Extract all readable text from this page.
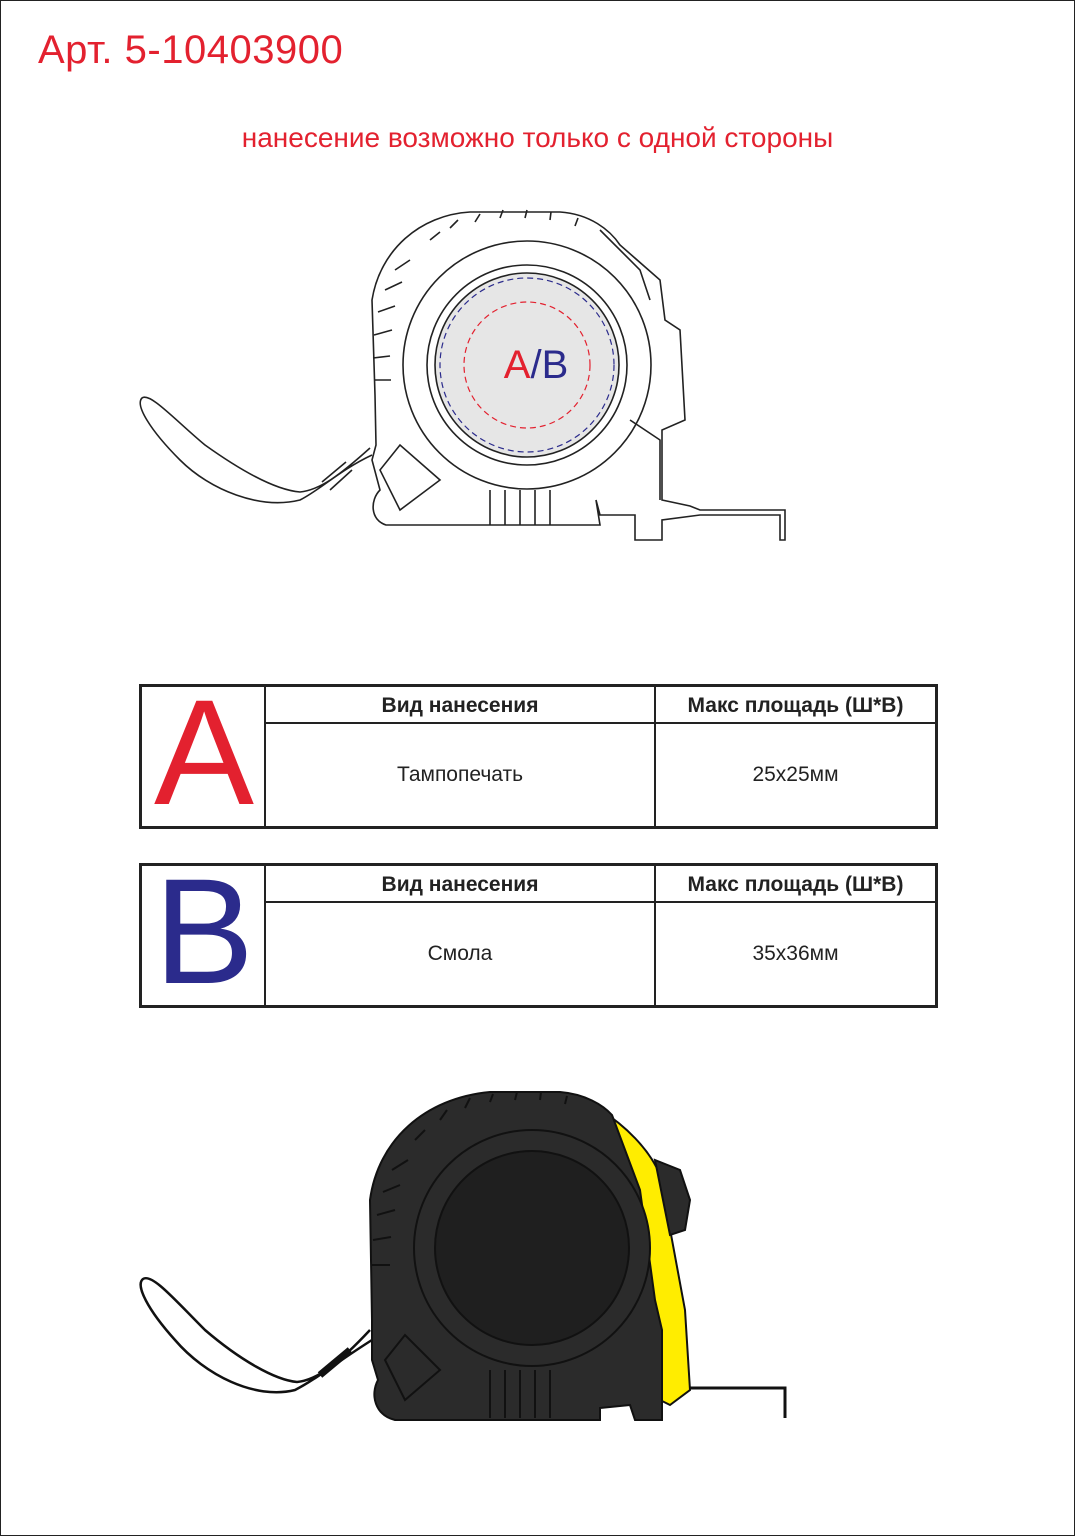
Арт. 5-10403900
нанесение возможно только с одной стороны
A/B
A	Вид нанесения	Макс площадь (Ш*В)
Тампопечать	25x25мм
B	Вид нанесения	Макс площадь (Ш*В)
Смола	35x36мм
